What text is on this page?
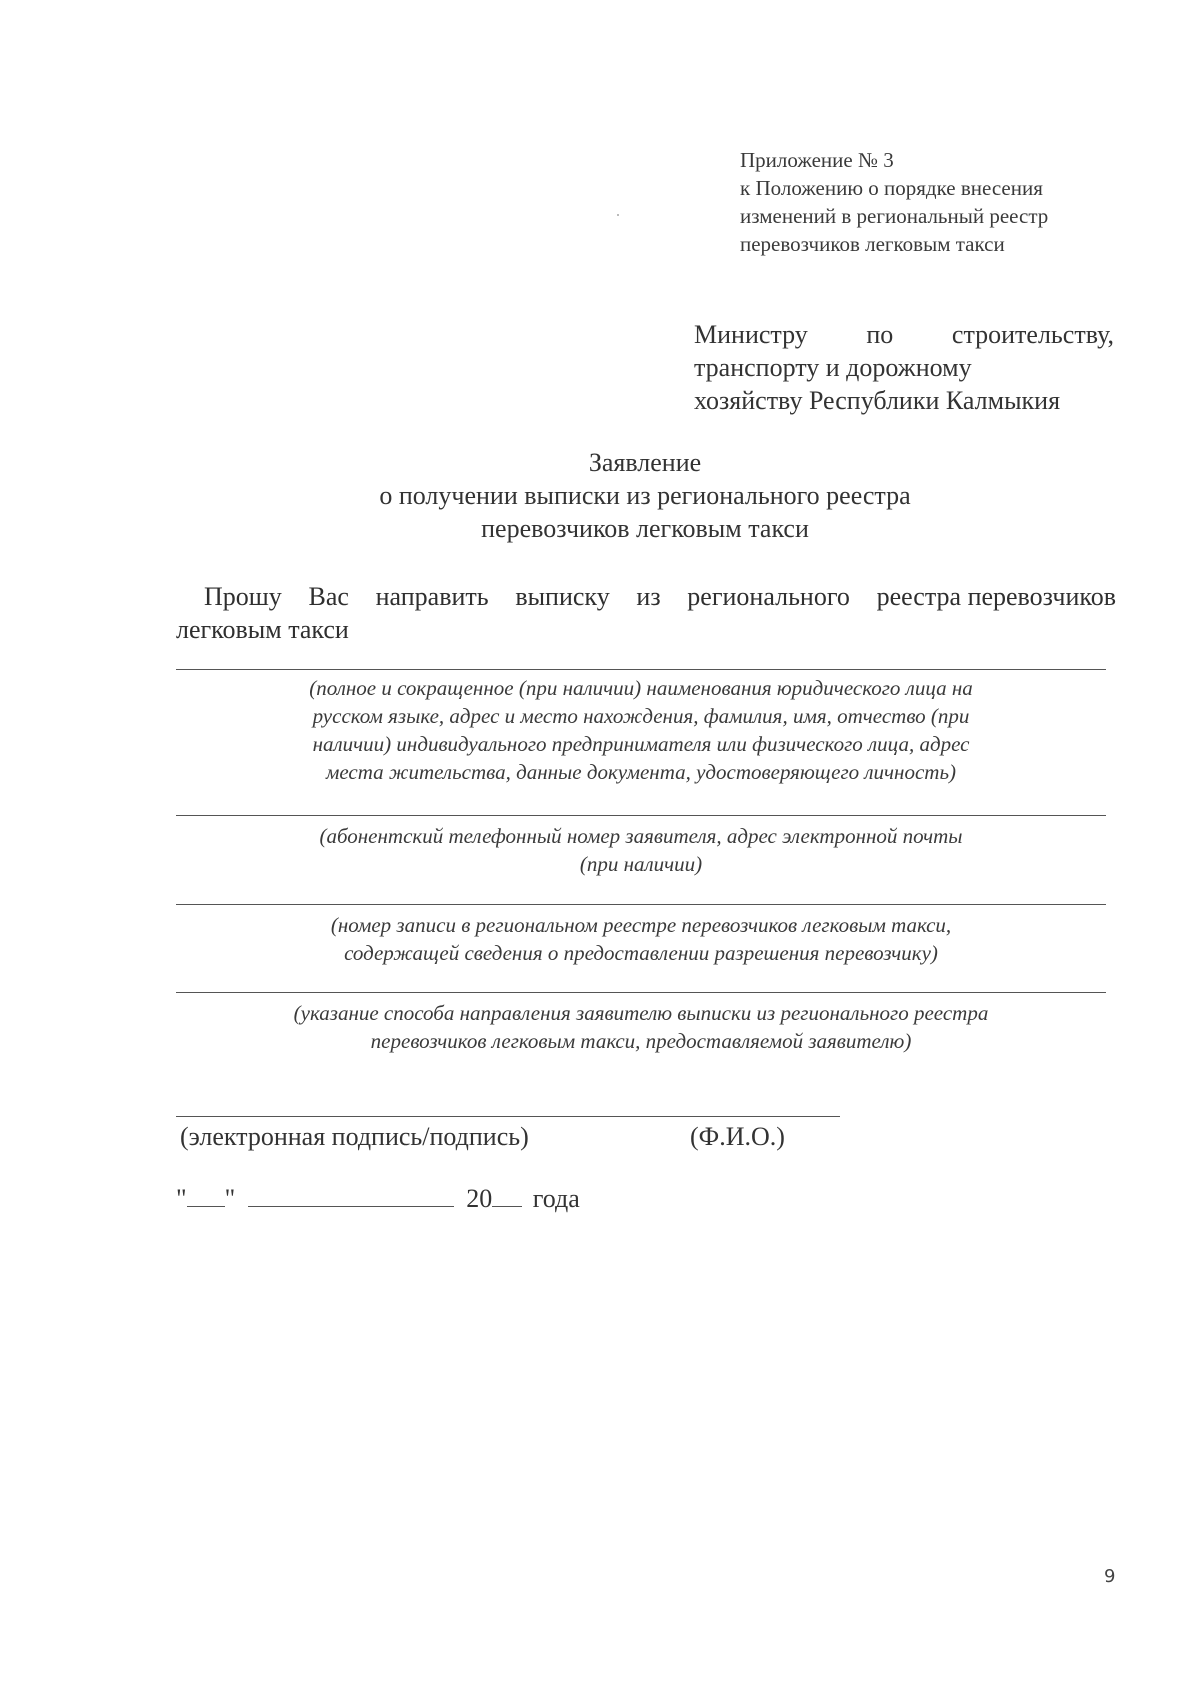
Приложение № 3
к Положению о порядке внесения
изменений в региональный реестр
перевозчиков легковым такси
Министру по строительству,
транспорту и дорожному
хозяйству Республики Калмыкия
Заявление
о получении выписки из регионального реестра
перевозчиков легковым такси
Прошу Вас направить выписку из регионального реестра перевозчиков
легковым такси
(полное и сокращенное (при наличии) наименования юридического лица на
русском языке, адрес и место нахождения, фамилия, имя, отчество (при
наличии) индивидуального предпринимателя или физического лица, адрес
места жительства, данные документа, удостоверяющего личность)
(абонентский телефонный номер заявителя, адрес электронной почты
(при наличии)
(номер записи в региональном реестре перевозчиков легковым такси,
содержащей сведения о предоставлении разрешения перевозчику)
(указание способа направления заявителю выписки из регионального реестра
перевозчиков легковым такси, предоставляемой заявителю)
(электронная подпись/подпись)	(Ф.И.О.)
" "	20 года
9
